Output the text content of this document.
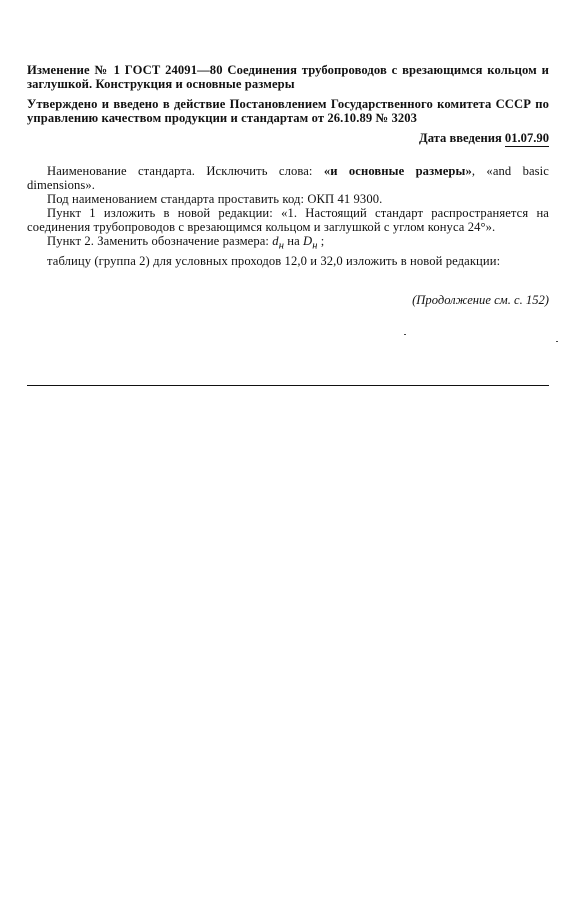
Изменение № 1 ГОСТ 24091—80 Соединения трубопроводов с врезающимся кольцом и заглушкой. Конструкция и основные размеры
Утверждено и введено в действие Постановлением Государственного комитета СССР по управлению качеством продукции и стандартам от 26.10.89 № 3203
Дата введения 01.07.90

Наименование стандарта. Исключить слова: «и основные размеры», «and basic dimensions».

Под наименованием стандарта проставить код: ОКП 41 9300.

Пункт 1 изложить в новой редакции: «1. Настоящий стандарт распространяется на соединения трубопроводов с врезающимся кольцом и заглушкой с углом конуса 24°».

Пункт 2. Заменить обозначение размера: $d_н$ на $D_н$ ;

таблицу (группа 2) для условных проходов 12,0 и 32,0 изложить в новой редакции:

(Продолжение см. с. 152)
